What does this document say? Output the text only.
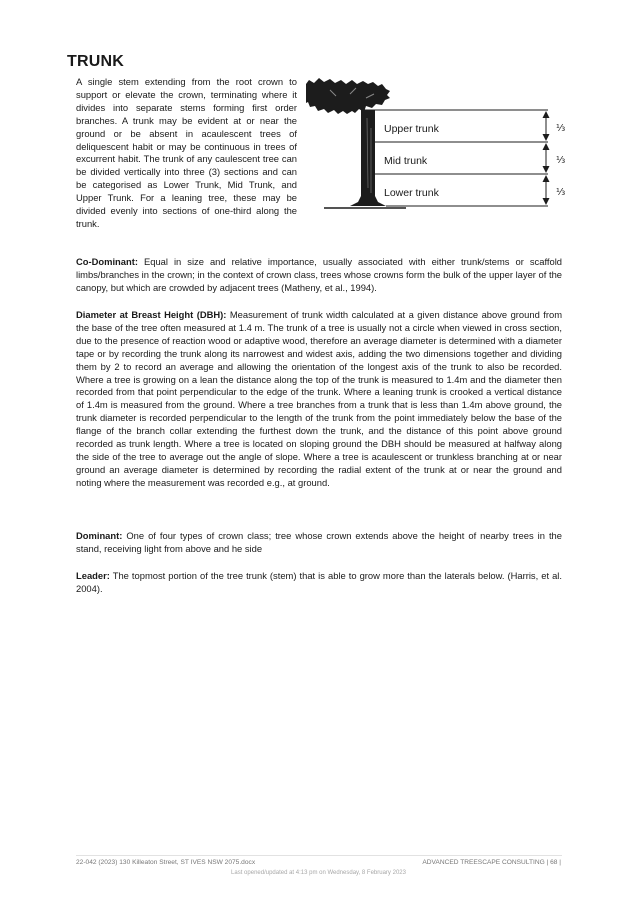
TRUNK

A single stem extending from the root crown to support or elevate the crown, terminating where it divides into separate stems forming first order branches. A trunk may be evident at or near the ground or be absent in acaulescent trees of deliquescent habit or may be continuous in trees of excurrent habit. The trunk of any caulescent tree can be divided vertically into three (3) sections and can be categorised as Lower Trunk, Mid Trunk, and Upper Trunk. For a leaning tree, these may be divided evenly into sections of one-third along the trunk.

Upper trunk
Mid trunk
Lower trunk
⅓
⅓
⅓

Co-Dominant: Equal in size and relative importance, usually associated with either trunk/stems or scaffold limbs/branches in the crown; in the context of crown class, trees whose crowns form the bulk of the upper layer of the canopy, but which are crowded by adjacent trees (Matheny, et al., 1994).

Diameter at Breast Height (DBH): Measurement of trunk width calculated at a given distance above ground from the base of the tree often measured at 1.4 m. The trunk of a tree is usually not a circle when viewed in cross section, due to the presence of reaction wood or adaptive wood, therefore an average diameter is determined with a diameter tape or by recording the trunk along its narrowest and widest axis, adding the two dimensions together and dividing them by 2 to record an average and allowing the orientation of the longest axis of the trunk to also be recorded. Where a tree is growing on a lean the distance along the top of the trunk is measured to 1.4m and the diameter then recorded from that point perpendicular to the edge of the trunk. Where a leaning trunk is crooked a vertical distance of 1.4m is measured from the ground. Where a tree branches from a trunk that is less than 1.4m above ground, the trunk diameter is recorded perpendicular to the length of the trunk from the point immediately below the base of the flange of the branch collar extending the furthest down the trunk, and the distance of this point above ground recorded as trunk length. Where a tree is located on sloping ground the DBH should be measured at halfway along the side of the tree to average out the angle of slope. Where a tree is acaulescent or trunkless branching at or near ground an average diameter is determined by recording the radial extent of the trunk at or near the ground and noting where the measurement was recorded e.g., at ground.

Dominant: One of four types of crown class; tree whose crown extends above the height of nearby trees in the stand, receiving light from above and he side

Leader: The topmost portion of the tree trunk (stem) that is able to grow more than the laterals below. (Harris, et al. 2004).

22-042 (2023) 130 Killeaton Street, ST IVES NSW 2075.docx	ADVANCED TREESCAPE CONSULTING | 68 |
Last opened/updated at 4:13 pm on Wednesday, 8 February 2023
